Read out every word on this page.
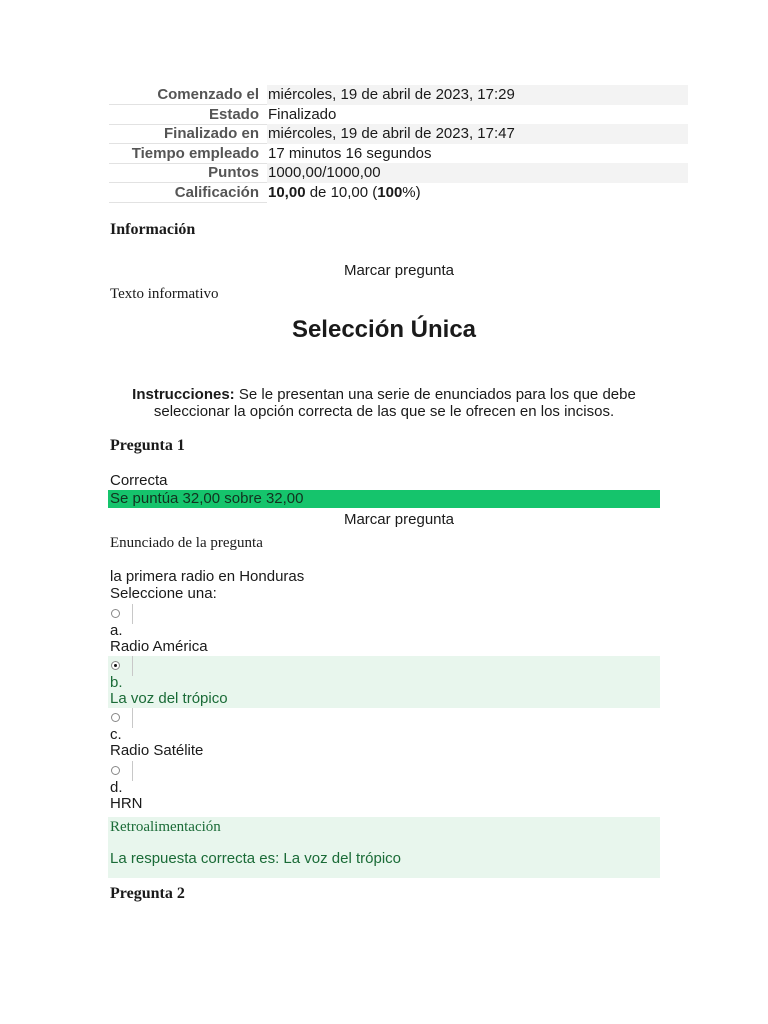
Comenzado el	miércoles, 19 de abril de 2023, 17:29
Estado	Finalizado
Finalizado en	miércoles, 19 de abril de 2023, 17:47
Tiempo empleado	17 minutos 16 segundos
Puntos	1000,00/1000,00
Calificación	10,00 de 10,00 (100%)
Información
Marcar pregunta
Texto informativo
Selección Única
Instrucciones: Se le presentan una serie de enunciados para los que debe seleccionar la opción correcta de las que se le ofrecen en los incisos.
Pregunta 1
Correcta
Se puntúa 32,00 sobre 32,00
Marcar pregunta
Enunciado de la pregunta
la primera radio en Honduras
Seleccione una:
a.
Radio América
b.
La voz del trópico
c.
Radio Satélite
d.
HRN
Retroalimentación
La respuesta correcta es: La voz del trópico
Pregunta 2
